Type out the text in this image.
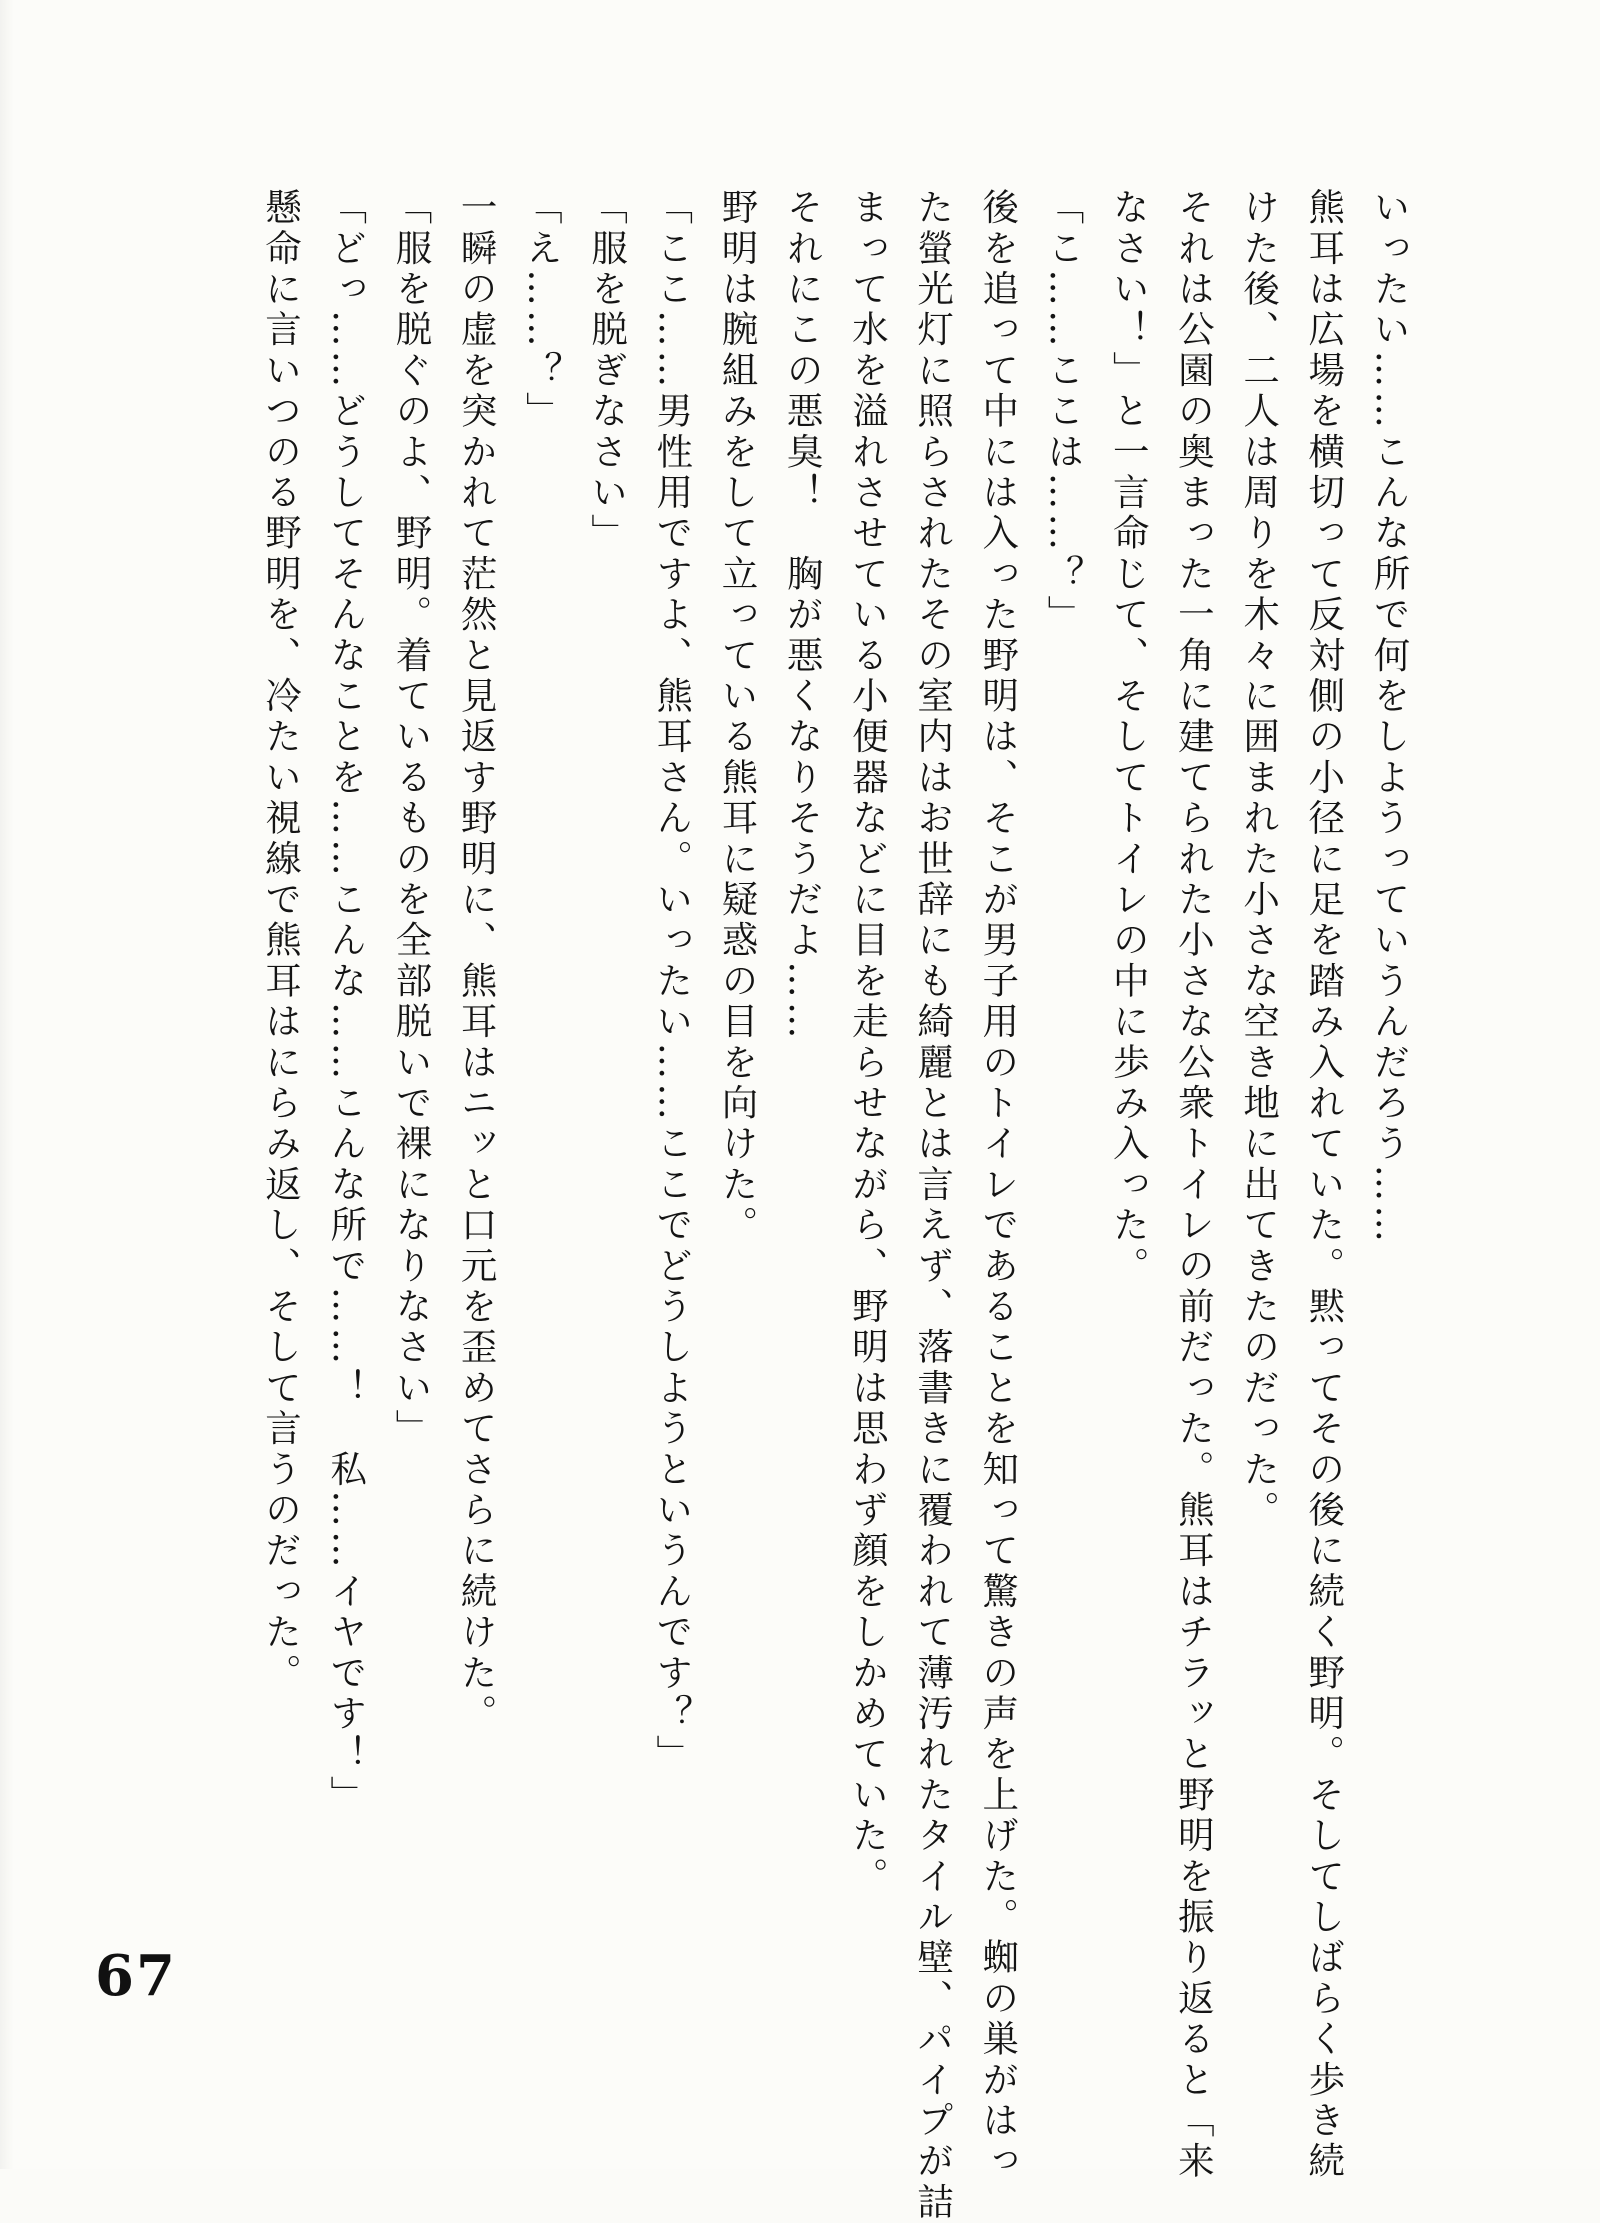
いったい……こんな所で何をしようっていうんだろう……
熊耳は広場を横切って反対側の小径に足を踏み入れていた。黙ってその後に続く野明。そしてしばらく歩き続
けた後、二人は周りを木々に囲まれた小さな空き地に出てきたのだった。
それは公園の奥まった一角に建てられた小さな公衆トイレの前だった。熊耳はチラッと野明を振り返ると「来
なさい！」と一言命じて、そしてトイレの中に歩み入った。
「こ……ここは……？」
後を追って中には入った野明は、そこが男子用のトイレであることを知って驚きの声を上げた。蜘の巣がはっ
た螢光灯に照らされたその室内はお世辞にも綺麗とは言えず、落書きに覆われて薄汚れたタイル壁、パイプが詰
まって水を溢れさせている小便器などに目を走らせながら、野明は思わず顔をしかめていた。
それにこの悪臭！　胸が悪くなりそうだよ……
野明は腕組みをして立っている熊耳に疑惑の目を向けた。
「ここ……男性用ですよ、熊耳さん。いったい……ここでどうしようというんです？」
「服を脱ぎなさい」
「え……？」
一瞬の虚を突かれて茫然と見返す野明に、熊耳はニッと口元を歪めてさらに続けた。
「服を脱ぐのよ、野明。着ているものを全部脱いで裸になりなさい」
「どっ……どうしてそんなことを……こんな……こんな所で……！　私……イヤです！」
懸命に言いつのる野明を、冷たい視線で熊耳はにらみ返し、そして言うのだった。
67
